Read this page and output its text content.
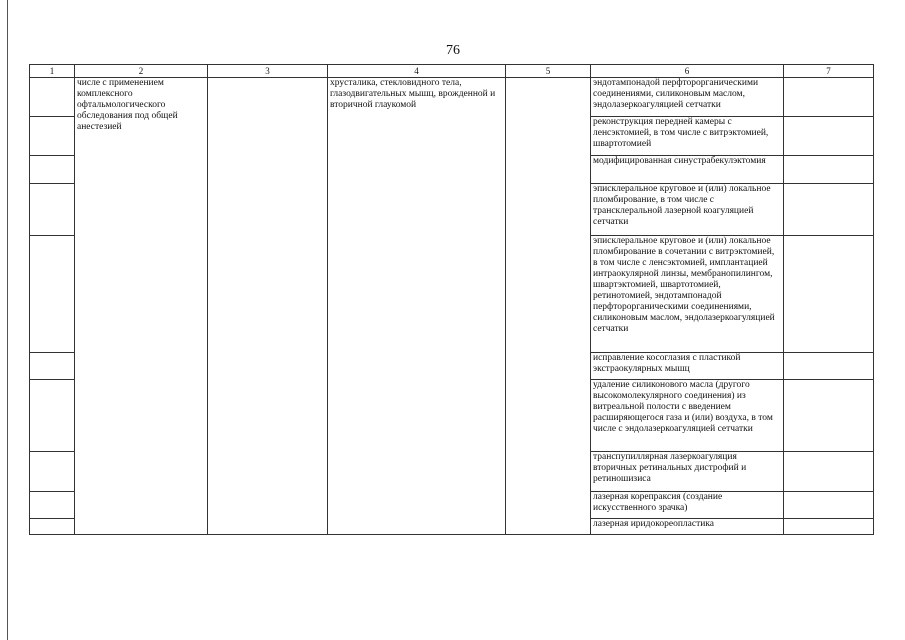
76
1	2	3	4	5	6	7
	числе с применением комплексного офтальмологического обследования под общей анестезией		хрусталика, стекловидного тела, глазодвигательных мышц, врожденной и вторичной глаукомой		эндотампонадой перфторорганическими соединениями, силиконовым маслом, эндолазеркоагуляцией сетчатки	
					реконструкция передней камеры с ленсэктомией, в том числе с витрэктомией, швартотомией	
					модифицированная синустрабекулэктомия	
					эписклеральное круговое и (или) локальное пломбирование, в том числе с трансклеральной лазерной коагуляцией сетчатки	
					эписклеральное круговое и (или) локальное пломбирование в сочетании с витрэктомией, в том числе с ленсэктомией, имплантацией интраокулярной линзы, мембранопилингом, швартэктомией, швартотомией, ретинотомией, эндотампонадой перфторорганическими соединениями, силиконовым маслом, эндолазеркоагуляцией сетчатки	
					исправление косоглазия с пластикой экстраокулярных мышц	
					удаление силиконового масла (другого высокомолекулярного соединения) из витреальной полости с введением расширяющегося газа и (или) воздуха, в том числе с эндолазеркоагуляцией сетчатки	
					транспупиллярная лазеркоагуляция вторичных ретинальных дистрофий и ретиношизиса	
					лазерная корепраксия (создание искусственного зрачка)	
					лазерная иридокореопластика	
